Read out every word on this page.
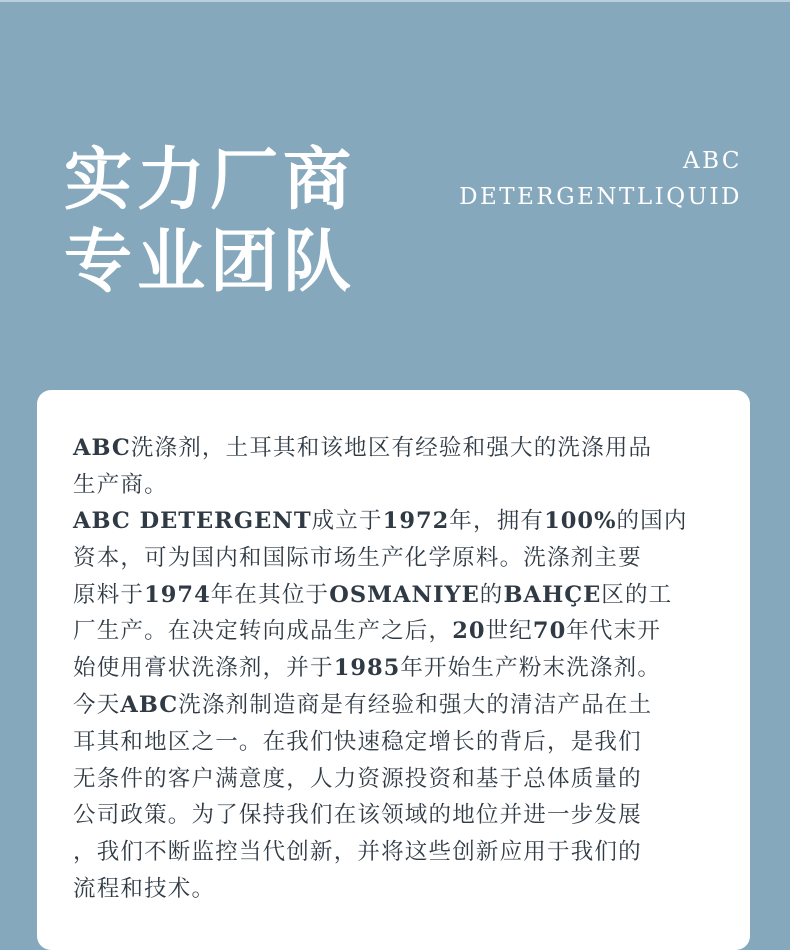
实力厂商
专业团队
ABC
DETERGENTLIQUID
ABC洗涤剂，土耳其和该地区有经验和强大的洗涤用品
生产商。
ABC DETERGENT成立于1972年，拥有100%的国内
资本，可为国内和国际市场生产化学原料。洗涤剂主要
原料于1974年在其位于OSMANIYE的BAHÇE区的工
厂生产。在决定转向成品生产之后，20世纪70年代末开
始使用膏状洗涤剂，并于1985年开始生产粉末洗涤剂。
今天ABC洗涤剂制造商是有经验和强大的清洁产品在土
耳其和地区之一。在我们快速稳定增长的背后，是我们
无条件的客户满意度，人力资源投资和基于总体质量的
公司政策。为了保持我们在该领域的地位并进一步发展
，我们不断监控当代创新，并将这些创新应用于我们的
流程和技术。
